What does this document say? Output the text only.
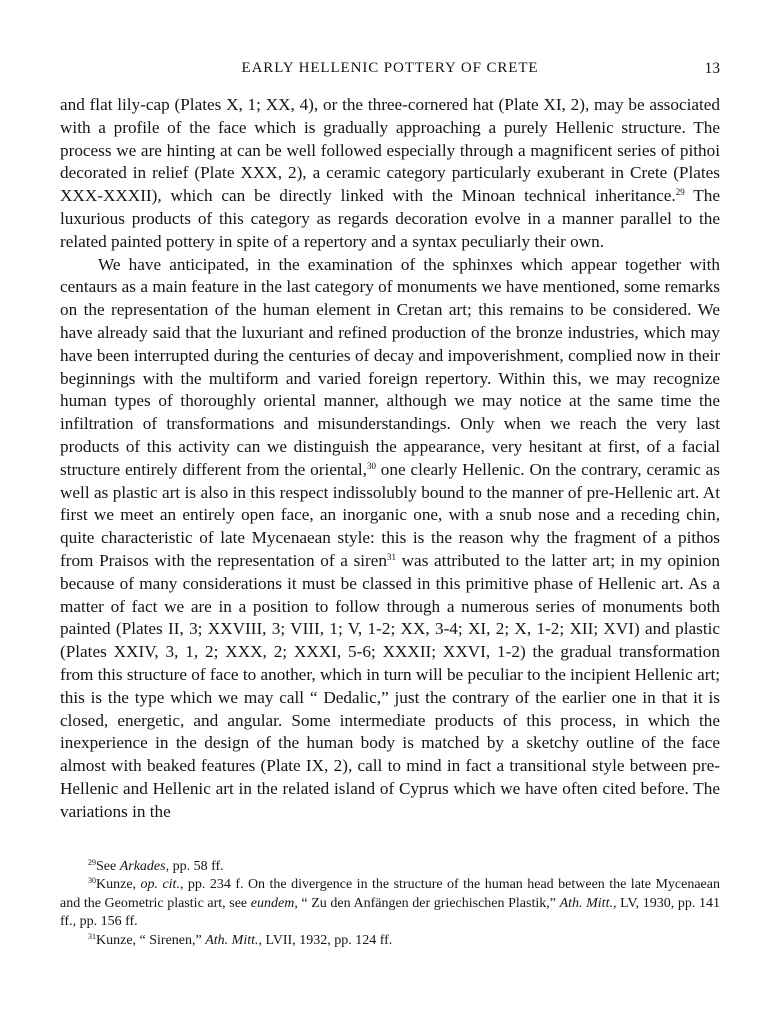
EARLY HELLENIC POTTERY OF CRETE	13

and flat lily-cap (Plates X, 1; XX, 4), or the three-cornered hat (Plate XI, 2), may be associated with a profile of the face which is gradually approaching a purely Hellenic structure. The process we are hinting at can be well followed especially through a magnificent series of pithoi decorated in relief (Plate XXX, 2), a ceramic category particularly exuberant in Crete (Plates XXX-XXXII), which can be directly linked with the Minoan technical inheritance.$^{29}$ The luxurious products of this category as regards decoration evolve in a manner parallel to the related painted pottery in spite of a repertory and a syntax peculiarly their own.

We have anticipated, in the examination of the sphinxes which appear together with centaurs as a main feature in the last category of monuments we have mentioned, some remarks on the representation of the human element in Cretan art; this remains to be considered. We have already said that the luxuriant and refined production of the bronze industries, which may have been interrupted during the centuries of decay and impoverishment, complied now in their beginnings with the multiform and varied foreign repertory. Within this, we may recognize human types of thoroughly oriental manner, although we may notice at the same time the infiltration of transformations and misunderstandings. Only when we reach the very last products of this activity can we distinguish the appearance, very hesitant at first, of a facial structure entirely different from the oriental,$^{30}$ one clearly Hellenic. On the contrary, ceramic as well as plastic art is also in this respect indissolubly bound to the manner of pre-Hellenic art. At first we meet an entirely open face, an inorganic one, with a snub nose and a receding chin, quite characteristic of late Mycenaean style: this is the reason why the fragment of a pithos from Praisos with the representation of a siren$^{31}$ was attributed to the latter art; in my opinion because of many considerations it must be classed in this primitive phase of Hellenic art. As a matter of fact we are in a position to follow through a numerous series of monuments both painted (Plates II, 3; XXVIII, 3; VIII, 1; V, 1-2; XX, 3-4; XI, 2; X, 1-2; XII; XVI) and plastic (Plates XXIV, 3, 1, 2; XXX, 2; XXXI, 5-6; XXXII; XXVI, 1-2) the gradual transformation from this structure of face to another, which in turn will be peculiar to the incipient Hellenic art; this is the type which we may call “ Dedalic,” just the contrary of the earlier one in that it is closed, energetic, and angular. Some intermediate products of this process, in which the inexperience in the design of the human body is matched by a sketchy outline of the face almost with beaked features (Plate IX, 2), call to mind in fact a transitional style between pre-Hellenic and Hellenic art in the related island of Cyprus which we have often cited before. The variations in the

$^{29}$See Arkades, pp. 58 ff.

$^{30}$Kunze, op. cit., pp. 234 f. On the divergence in the structure of the human head between the late Mycenaean and the Geometric plastic art, see eundem, “ Zu den Anfängen der griechischen Plastik,” Ath. Mitt., LV, 1930, pp. 141 ff., pp. 156 ff.

$^{31}$Kunze, “ Sirenen,” Ath. Mitt., LVII, 1932, pp. 124 ff.
